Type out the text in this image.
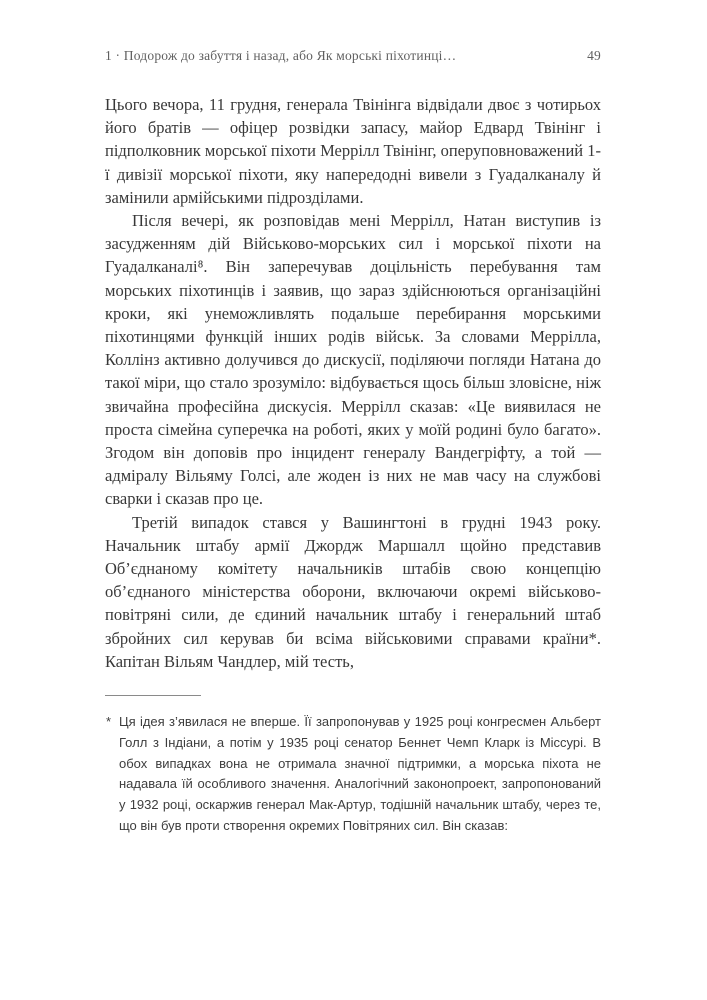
1 · Подорож до забуття і назад, або Як морські піхотинці…	49

Цього вечора, 11 грудня, генерала Твінінга відвідали двоє з чотирьох його братів — офіцер розвідки запасу, майор Едвард Твінінг і підполковник морської піхоти Меррілл Твінінг, оперуповноважений 1-ї дивізії морської піхоти, яку напередодні вивели з Гуадалканалу й замінили армійськими підрозділами.

Після вечері, як розповідав мені Меррілл, Натан виступив із засудженням дій Військово-морських сил і морської піхоти на Гуадалканалі⁸. Він заперечував доцільність перебування там морських піхотинців і заявив, що зараз здійснюються організаційні кроки, які унеможливлять подальше перебирання морськими піхотинцями функцій інших родів військ. За словами Меррілла, Коллінз активно долучився до дискусії, поділяючи погляди Натана до такої міри, що стало зрозуміло: відбувається щось більш зловісне, ніж звичайна професійна дискусія. Меррілл сказав: «Це виявилася не проста сімейна суперечка на роботі, яких у моїй родині було багато». Згодом він доповів про інцидент генералу Вандегріфту, а той — адміралу Вільяму Голсі, але жоден із них не мав часу на службові сварки і сказав про це.

Третій випадок стався у Вашингтоні в грудні 1943 року. Начальник штабу армії Джордж Маршалл щойно представив Об’єднаному комітету начальників штабів свою концепцію об’єднаного міністерства оборони, включаючи окремі військово-повітряні сили, де єдиний начальник штабу і генеральний штаб збройних сил керував би всіма військовими справами країни*. Капітан Вільям Чандлер, мій тесть,

* Ця ідея з’явилася не вперше. Її запропонував у 1925 році конгресмен Альберт Голл з Індіани, а потім у 1935 році сенатор Беннет Чемп Кларк із Міссурі. В обох випадках вона не отримала значної підтримки, а морська піхота не надавала їй особливого значення. Аналогічний законопроект, запропонований у 1932 році, оскаржив генерал Мак-Артур, тодішній начальник штабу, через те, що він був проти створення окремих Повітряних сил. Він сказав:
